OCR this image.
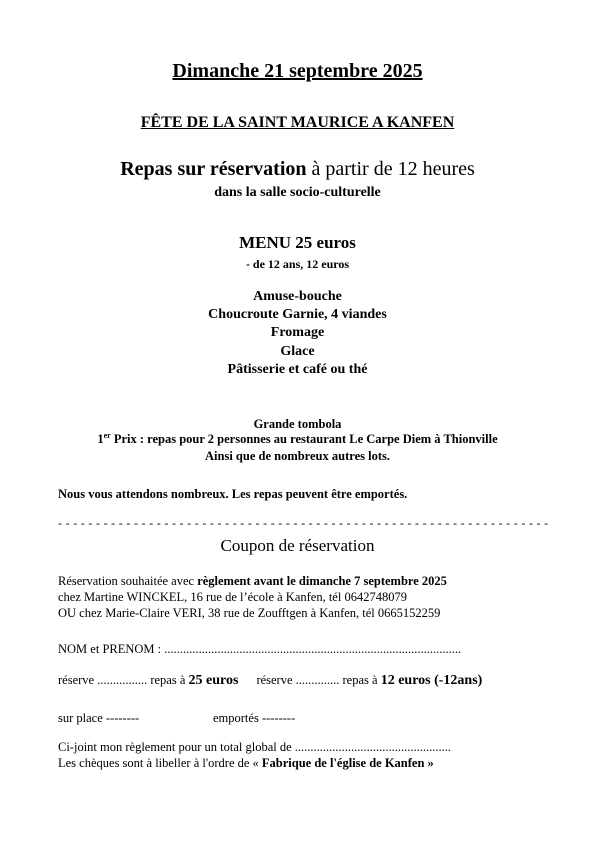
Dimanche 21 septembre 2025
FÊTE DE LA SAINT MAURICE A KANFEN
Repas sur réservation à partir de 12 heures
dans la salle socio-culturelle
MENU 25 euros
- de 12 ans, 12 euros
Amuse-bouche
Choucroute Garnie, 4 viandes
Fromage
Glace
Pâtisserie et café ou thé
Grande tombola
1er Prix : repas pour 2 personnes au restaurant Le Carpe Diem à Thionville
Ainsi que de nombreux autres lots.
Nous vous attendons nombreux. Les repas peuvent être emportés.
- - - - - - - - - - - - - - - - - - - - - - - - - - - - - - - - - - - - - - - - - - - - - - - - - - - - - - - - - - - - - - - - -
Coupon de réservation
Réservation souhaitée avec règlement avant le dimanche 7 septembre 2025
chez Martine WINCKEL, 16 rue de l’école à Kanfen, tél 0642748079
OU chez Marie-Claire VERI, 38 rue de Zoufftgen à Kanfen, tél 0665152259
NOM et PRENOM : ...............................................................................................
réserve ................ repas à 25 euros réserve .............. repas à 12 euros (-12ans)
sur place --------	emportés --------
Ci-joint mon règlement pour un total global de ..................................................
Les chèques sont à libeller à l'ordre de « Fabrique de l'église de Kanfen »
